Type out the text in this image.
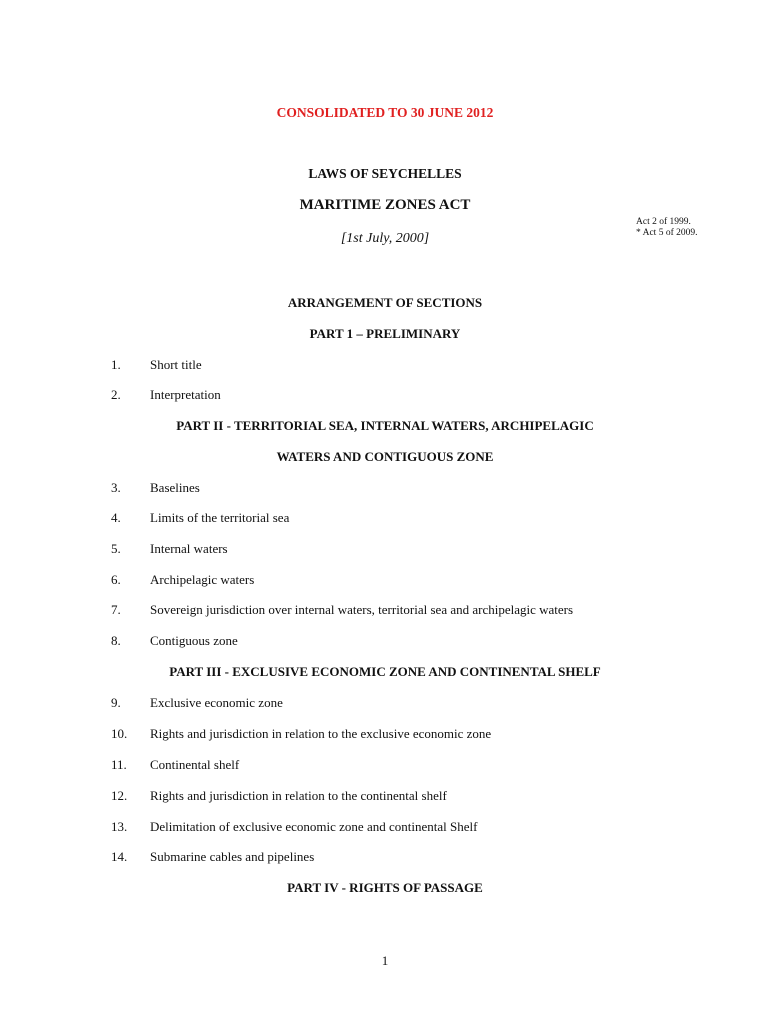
CONSOLIDATED TO 30 JUNE 2012
LAWS OF SEYCHELLES
MARITIME ZONES ACT
[1st July, 2000]
Act 2 of 1999.
* Act 5 of 2009.
ARRANGEMENT OF SECTIONS
PART 1 – PRELIMINARY
1. Short title
2. Interpretation
PART II - TERRITORIAL SEA, INTERNAL WATERS, ARCHIPELAGIC
WATERS AND CONTIGUOUS ZONE
3. Baselines
4. Limits of the territorial sea
5. Internal waters
6. Archipelagic waters
7. Sovereign jurisdiction over internal waters, territorial sea and archipelagic waters
8. Contiguous zone
PART III - EXCLUSIVE ECONOMIC ZONE AND CONTINENTAL SHELF
9. Exclusive economic zone
10. Rights and jurisdiction in relation to the exclusive economic zone
11. Continental shelf
12. Rights and jurisdiction in relation to the continental shelf
13. Delimitation of exclusive economic zone and continental Shelf
14. Submarine cables and pipelines
PART IV - RIGHTS OF PASSAGE
1
